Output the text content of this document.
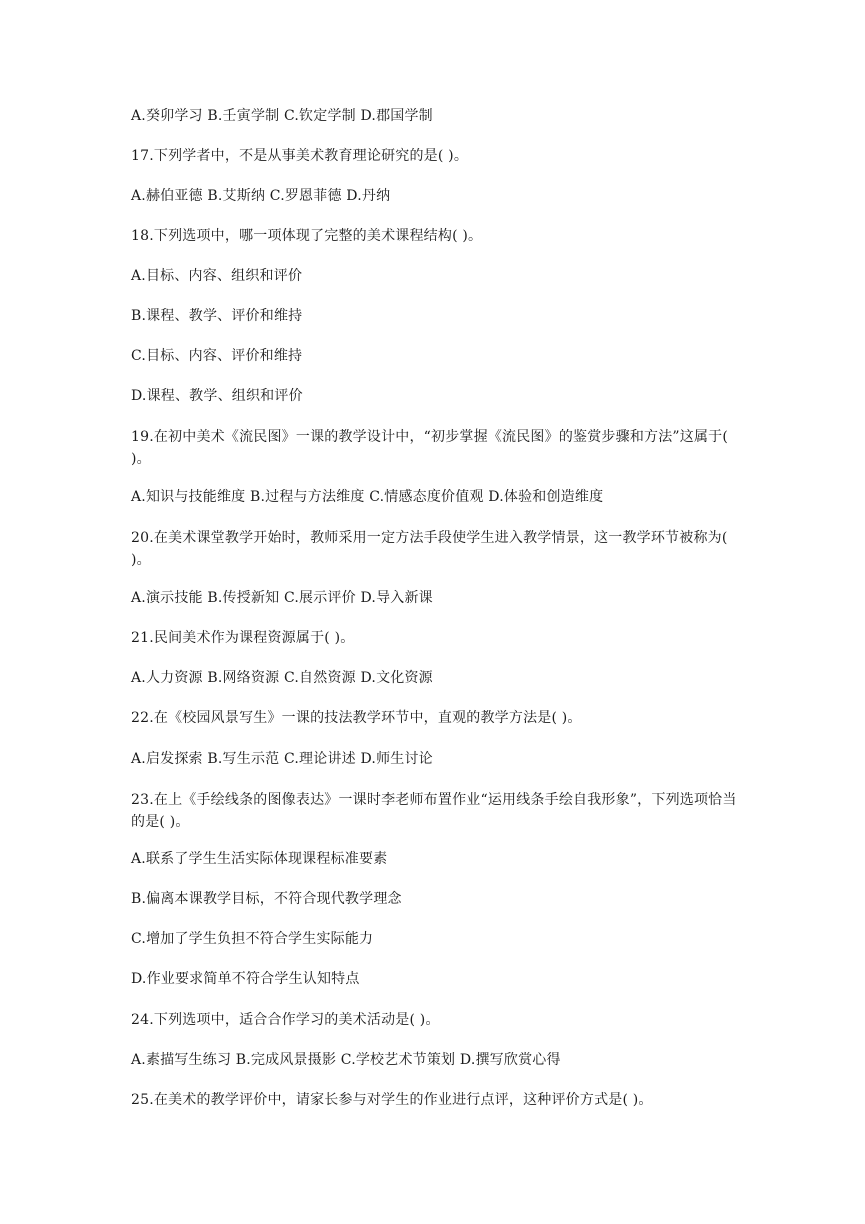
A.癸卯学习 B.壬寅学制 C.钦定学制 D.郡国学制
17.下列学者中，不是从事美术教育理论研究的是( )。
A.赫伯亚德 B.艾斯纳 C.罗恩菲德 D.丹纳
18.下列选项中，哪一项体现了完整的美术课程结构( )。
A.目标、内容、组织和评价
B.课程、教学、评价和维持
C.目标、内容、评价和维持
D.课程、教学、组织和评价
19.在初中美术《流民图》一课的教学设计中，“初步掌握《流民图》的鉴赏步骤和方法”这属于( )。
A.知识与技能维度 B.过程与方法维度 C.情感态度价值观 D.体验和创造维度
20.在美术课堂教学开始时，教师采用一定方法手段使学生进入教学情景，这一教学环节被称为( )。
A.演示技能 B.传授新知 C.展示评价 D.导入新课
21.民间美术作为课程资源属于( )。
A.人力资源 B.网络资源 C.自然资源 D.文化资源
22.在《校园风景写生》一课的技法教学环节中，直观的教学方法是( )。
A.启发探索 B.写生示范 C.理论讲述 D.师生讨论
23.在上《手绘线条的图像表达》一课时李老师布置作业“运用线条手绘自我形象”，下列选项恰当的是( )。
A.联系了学生生活实际体现课程标准要素
B.偏离本课教学目标，不符合现代教学理念
C.增加了学生负担不符合学生实际能力
D.作业要求简单不符合学生认知特点
24.下列选项中，适合合作学习的美术活动是( )。
A.素描写生练习 B.完成风景摄影 C.学校艺术节策划 D.撰写欣赏心得
25.在美术的教学评价中，请家长参与对学生的作业进行点评，这种评价方式是( )。
